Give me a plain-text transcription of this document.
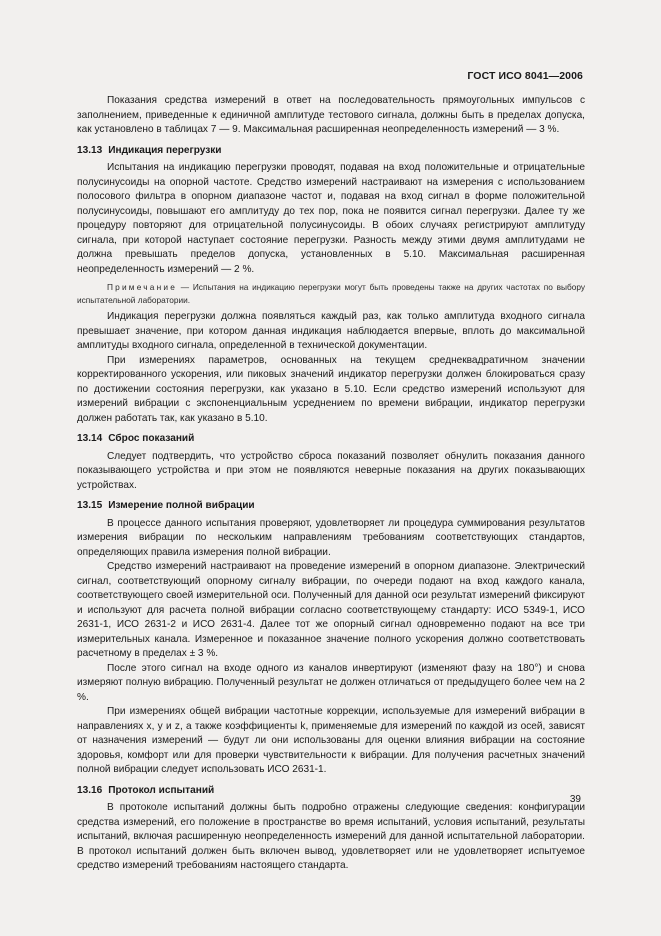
ГОСТ ИСО 8041—2006

Показания средства измерений в ответ на последовательность прямоугольных импульсов с заполнением, приведенные к единичной амплитуде тестового сигнала, должны быть в пределах допуска, как установлено в таблицах 7 — 9. Максимальная расширенная неопределенность измерений — 3 %.

13.13 Индикация перегрузки

Испытания на индикацию перегрузки проводят, подавая на вход положительные и отрицательные полусинусоиды на опорной частоте. Средство измерений настраивают на измерения с использованием полосового фильтра в опорном диапазоне частот и, подавая на вход сигнал в форме положительной полусинусоиды, повышают его амплитуду до тех пор, пока не появится сигнал перегрузки. Далее ту же процедуру повторяют для отрицательной полусинусоиды. В обоих случаях регистрируют амплитуду сигнала, при которой наступает состояние перегрузки. Разность между этими двумя амплитудами не должна превышать пределов допуска, установленных в 5.10. Максимальная расширенная неопределенность измерений — 2 %.

Примечание — Испытания на индикацию перегрузки могут быть проведены также на других частотах по выбору испытательной лаборатории.

Индикация перегрузки должна появляться каждый раз, как только амплитуда входного сигнала превышает значение, при котором данная индикация наблюдается впервые, вплоть до максимальной амплитуды входного сигнала, определенной в технической документации.

При измерениях параметров, основанных на текущем среднеквадратичном значении корректированного ускорения, или пиковых значений индикатор перегрузки должен блокироваться сразу по достижении состояния перегрузки, как указано в 5.10. Если средство измерений используют для измерений вибрации с экспоненциальным усреднением по времени вибрации, индикатор перегрузки должен работать так, как указано в 5.10.

13.14 Сброс показаний

Следует подтвердить, что устройство сброса показаний позволяет обнулить показания данного показывающего устройства и при этом не появляются неверные показания на других показывающих устройствах.

13.15 Измерение полной вибрации

В процессе данного испытания проверяют, удовлетворяет ли процедура суммирования результатов измерения вибрации по нескольким направлениям требованиям соответствующих стандартов, определяющих правила измерения полной вибрации.

Средство измерений настраивают на проведение измерений в опорном диапазоне. Электрический сигнал, соответствующий опорному сигналу вибрации, по очереди подают на вход каждого канала, соответствующего своей измерительной оси. Полученный для данной оси результат измерений фиксируют и используют для расчета полной вибрации согласно соответствующему стандарту: ИСО 5349-1, ИСО 2631-1, ИСО 2631-2 и ИСО 2631-4. Далее тот же опорный сигнал одновременно подают на все три измерительных канала. Измеренное и показанное значение полного ускорения должно соответствовать расчетному в пределах ± 3 %.

После этого сигнал на входе одного из каналов инвертируют (изменяют фазу на 180°) и снова измеряют полную вибрацию. Полученный результат не должен отличаться от предыдущего более чем на 2 %.

При измерениях общей вибрации частотные коррекции, используемые для измерений вибрации в направлениях x, y и z, а также коэффициенты k, применяемые для измерений по каждой из осей, зависят от назначения измерений — будут ли они использованы для оценки влияния вибрации на состояние здоровья, комфорт или для проверки чувствительности к вибрации. Для получения расчетных значений полной вибрации следует использовать ИСО 2631-1.

13.16 Протокол испытаний

В протоколе испытаний должны быть подробно отражены следующие сведения: конфигурации средства измерений, его положение в пространстве во время испытаний, условия испытаний, результаты испытаний, включая расширенную неопределенность измерений для данной испытательной лаборатории. В протокол испытаний должен быть включен вывод, удовлетворяет или не удовлетворяет испытуемое средство измерений требованиям настоящего стандарта.

39
